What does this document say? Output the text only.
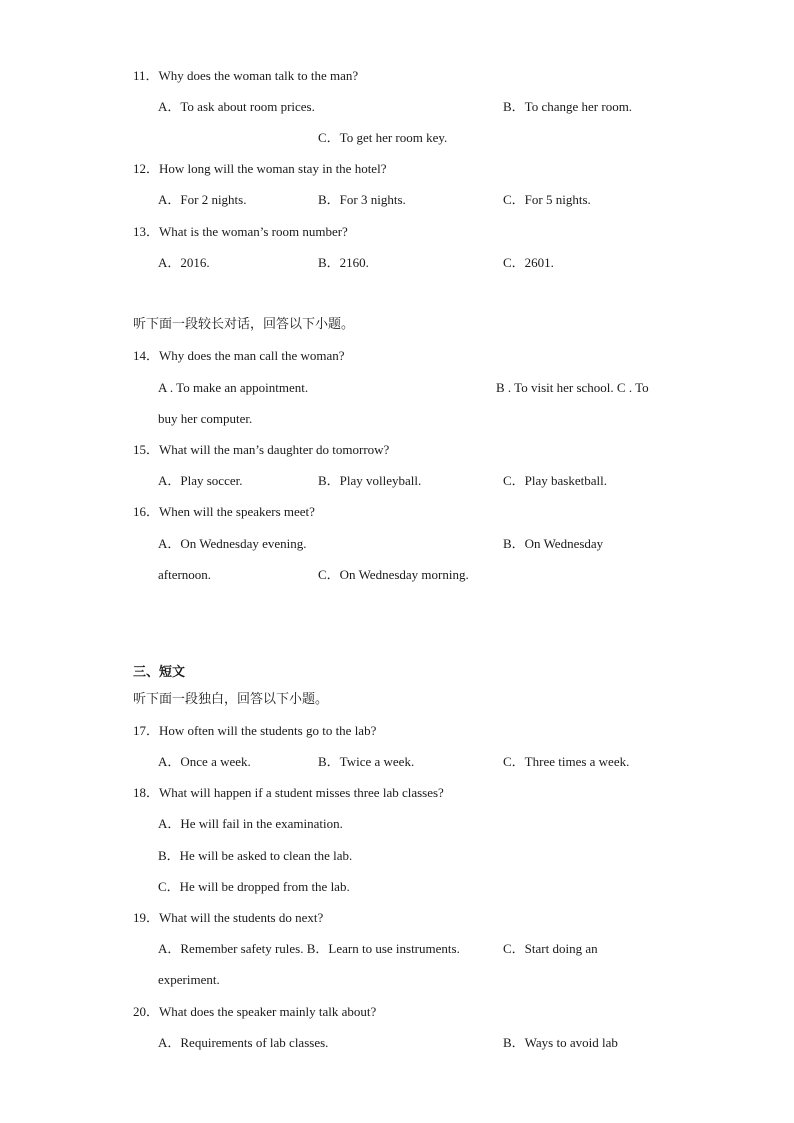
11．Why does the woman talk to the man?
A．To ask about room prices.	B．To change her room.
C．To get her room key.
12．How long will the woman stay in the hotel?
A．For 2 nights.	B．For 3 nights.	C．For 5 nights.
13．What is the woman’s room number?
A．2016.	B．2160.	C．2601.
听下面一段较长对话，回答以下小题。
14．Why does the man call the woman?
A . To make an appointment.	B . To visit her school. C . To
buy her computer.
15．What will the man’s daughter do tomorrow?
A．Play soccer.	B．Play volleyball.	C．Play basketball.
16．When will the speakers meet?
A．On Wednesday evening.	B．On Wednesday
afternoon.	C．On Wednesday morning.
三、短文
听下面一段独白，回答以下小题。
17．How often will the students go to the lab?
A．Once a week.	B．Twice a week.	C．Three times a week.
18．What will happen if a student misses three lab classes?
A．He will fail in the examination.
B．He will be asked to clean the lab.
C．He will be dropped from the lab.
19．What will the students do next?
A．Remember safety rules. B．Learn to use instruments.	C．Start doing an
experiment.
20．What does the speaker mainly talk about?
A．Requirements of lab classes.	B．Ways to avoid lab
